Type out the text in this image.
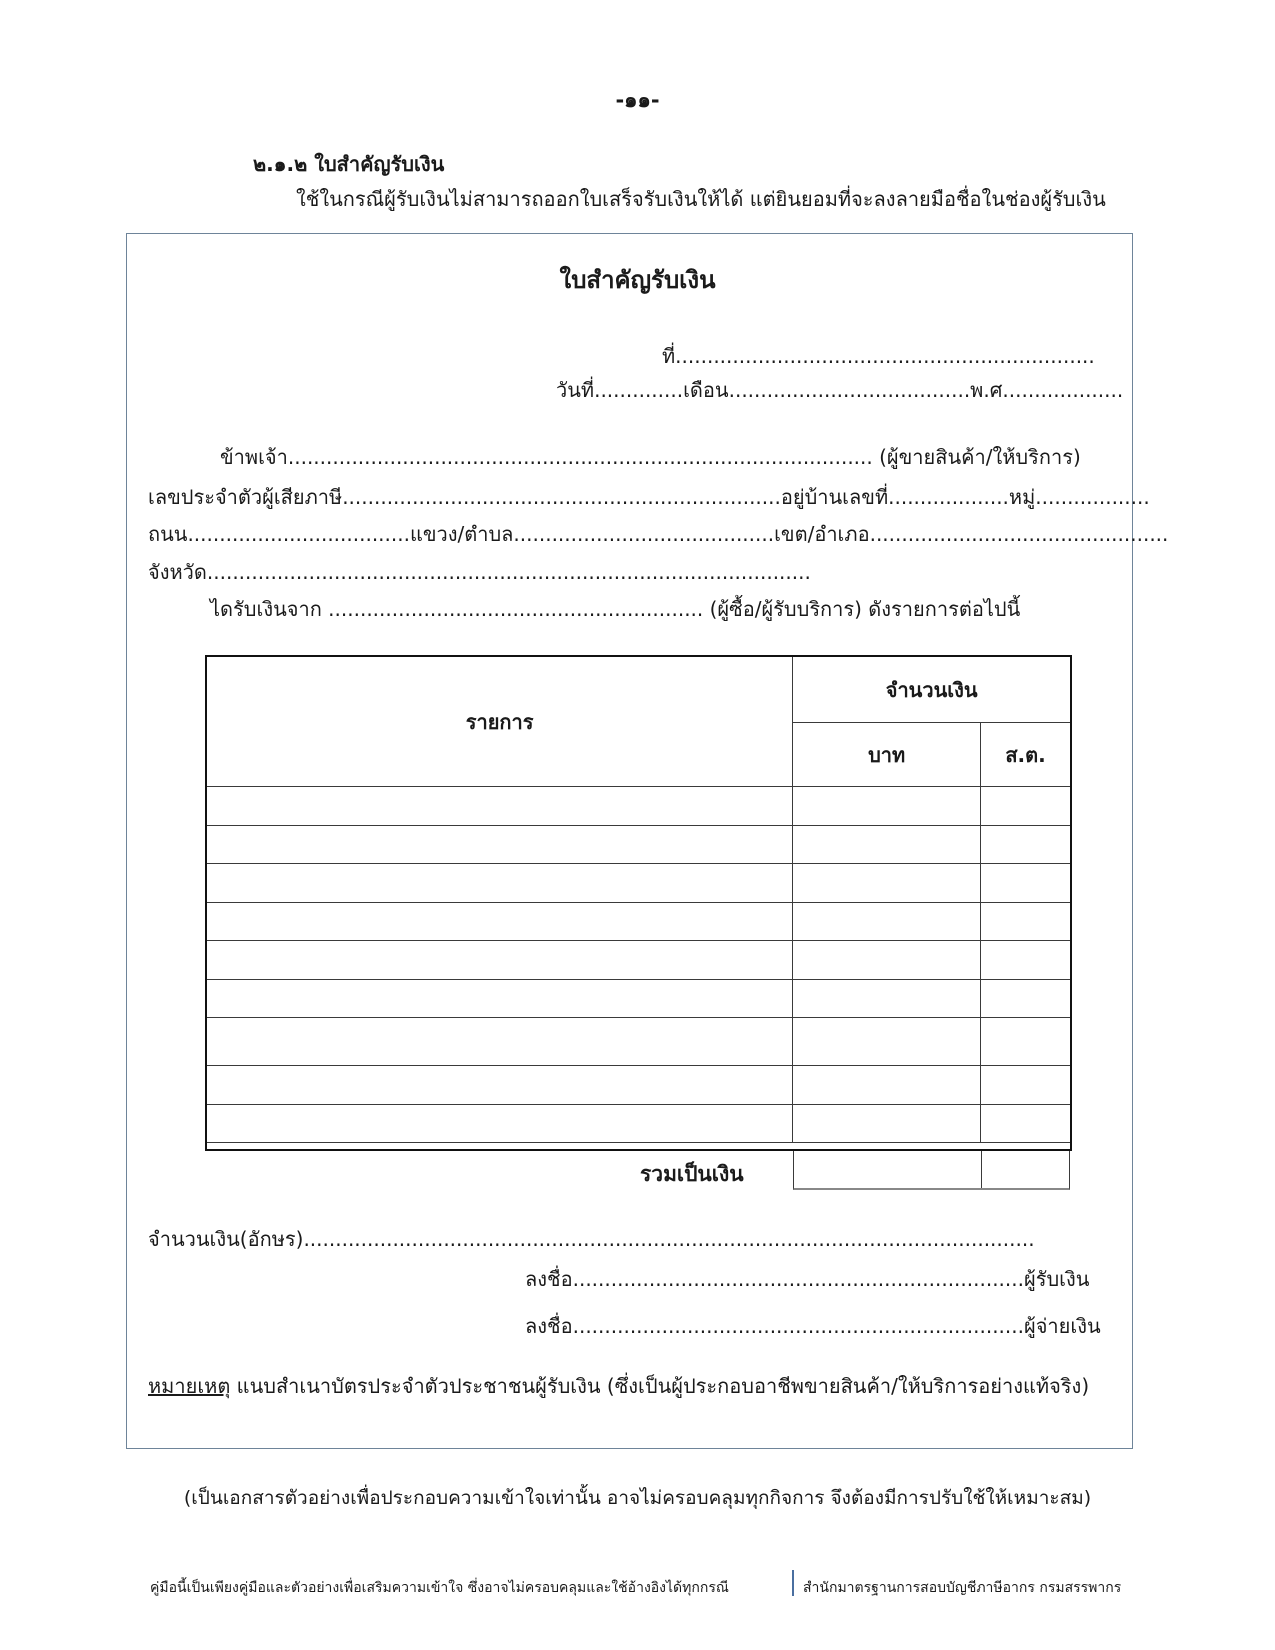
-๑๑-
๒.๑.๒ ใบสำคัญรับเงิน
ใช้ในกรณีผู้รับเงินไม่สามารถออกใบเสร็จรับเงินให้ได้ แต่ยินยอมที่จะลงลายมือชื่อในช่องผู้รับเงิน
ใบสำคัญรับเงิน
ที่..................................................................
วันที่..............เดือน......................................พ.ศ...................
ข้าพเจ้า............................................................................................ (ผู้ขายสินค้า/ให้บริการ)
เลขประจำตัวผู้เสียภาษี.....................................................................อยู่บ้านเลขที่...................หมู่..................
ถนน...................................แขวง/ตำบล.........................................เขต/อำเภอ...............................................
จังหวัด...............................................................................................
ไดรับเงินจาก ........................................................... (ผู้ซื้อ/ผู้รับบริการ) ดังรายการต่อไปนี้
รายการ	จำนวนเงิน	
	บาท	ส.ต.

รวมเป็นเงิน
จำนวนเงิน(อักษร)...................................................................................................................
ลงชื่อ.......................................................................ผู้รับเงิน
ลงชื่อ.......................................................................ผู้จ่ายเงิน
หมายเหตุ แนบสำเนาบัตรประจำตัวประชาชนผู้รับเงิน (ซึ่งเป็นผู้ประกอบอาชีพขายสินค้า/ให้บริการอย่างแท้จริง)
(เป็นเอกสารตัวอย่างเพื่อประกอบความเข้าใจเท่านั้น อาจไม่ครอบคลุมทุกกิจการ จึงต้องมีการปรับใช้ให้เหมาะสม)
คู่มือนี้เป็นเพียงคู่มือและตัวอย่างเพื่อเสริมความเข้าใจ ซึ่งอาจไม่ครอบคลุมและใช้อ้างอิงได้ทุกกรณี	สำนักมาตรฐานการสอบบัญชีภาษีอากร กรมสรรพากร
